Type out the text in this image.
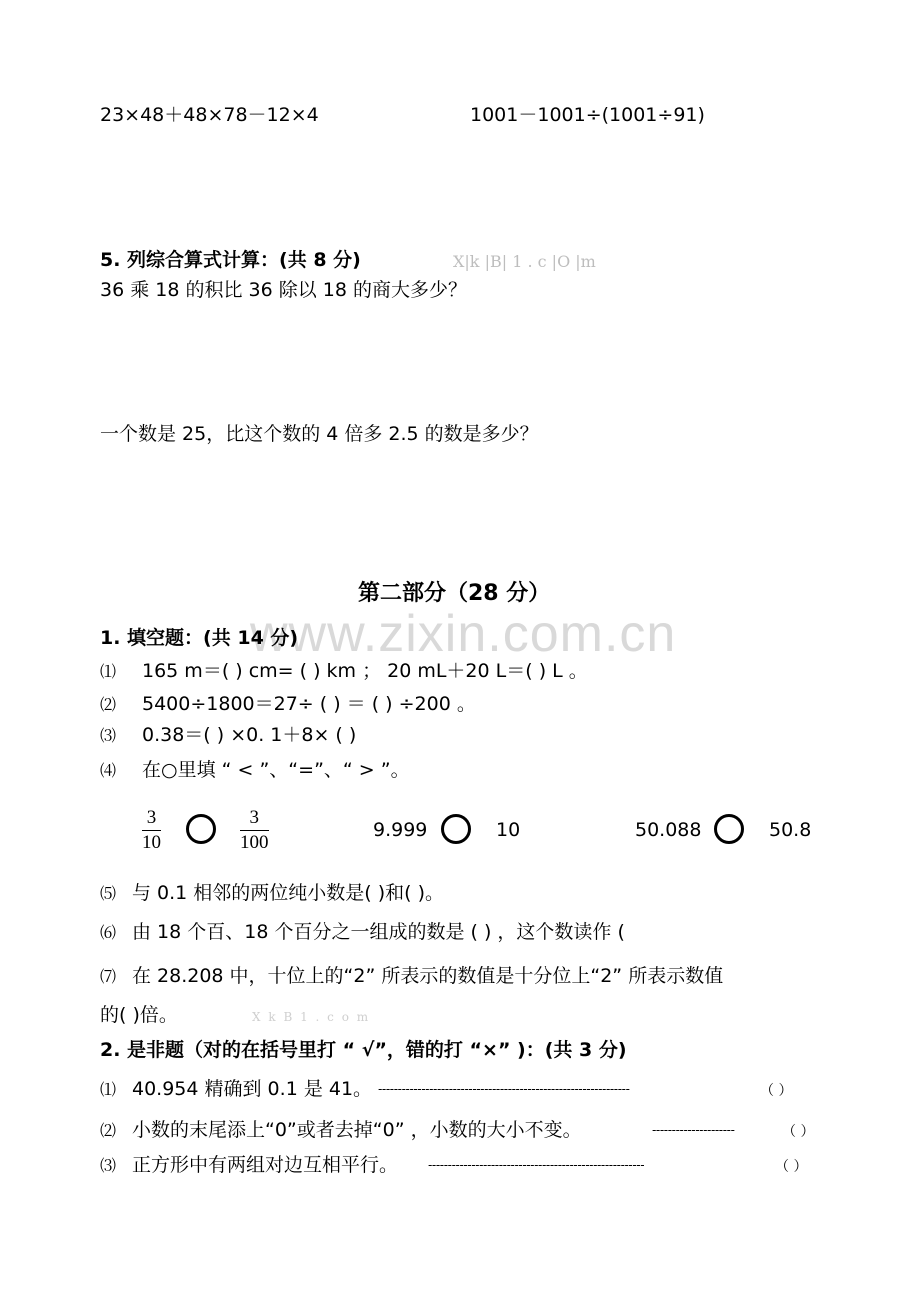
23×48＋48×78－12×4	1001－1001÷(1001÷91)
5. 列综合算式计算：(共 8 分)	X|k |B| 1 . c |O |m
36 乘 18 的积比 36 除以 18 的商大多少？
一个数是 25，比这个数的 4 倍多 2.5 的数是多少？
第二部分（28 分）
www.zixin.com.cn
1. 填空题：(共 14 分)
⑴ 165 m＝( ) cm= ( ) km ； 20 mL＋20 L＝( ) L 。
⑵ 5400÷1800＝27÷ ( ) ＝ ( ) ÷200 。
⑶ 0.38＝( ) ×0. 1＋8× ( )
⑷ 在○里填 “ < ”、“=”、“ > ”。
$\frac{3}{10}$	$\frac{3}{100}$	9.999	10	50.088	50.8
⑸ 与 0.1 相邻的两位纯小数是( )和( )。
⑹ 由 18 个百、18 个百分之一组成的数是 ( ) ，这个数读作 (
⑺ 在 28.208 中，十位上的“2” 所表示的数值是十分位上“2” 所表示数值
的( )倍。	X k B 1 . c o m
2. 是非题（对的在括号里打 “ √”，错的打 “×” )：(共 3 分)
⑴ 40.954 精确到 0.1 是 41。 ----------------------------------------------------------------	（ ）
⑵ 小数的末尾添上“0”或者去掉“0” ，小数的大小不变。	---------------------	（ ）
⑶ 正方形中有两组对边互相平行。 -------------------------------------------------------	（ ）
